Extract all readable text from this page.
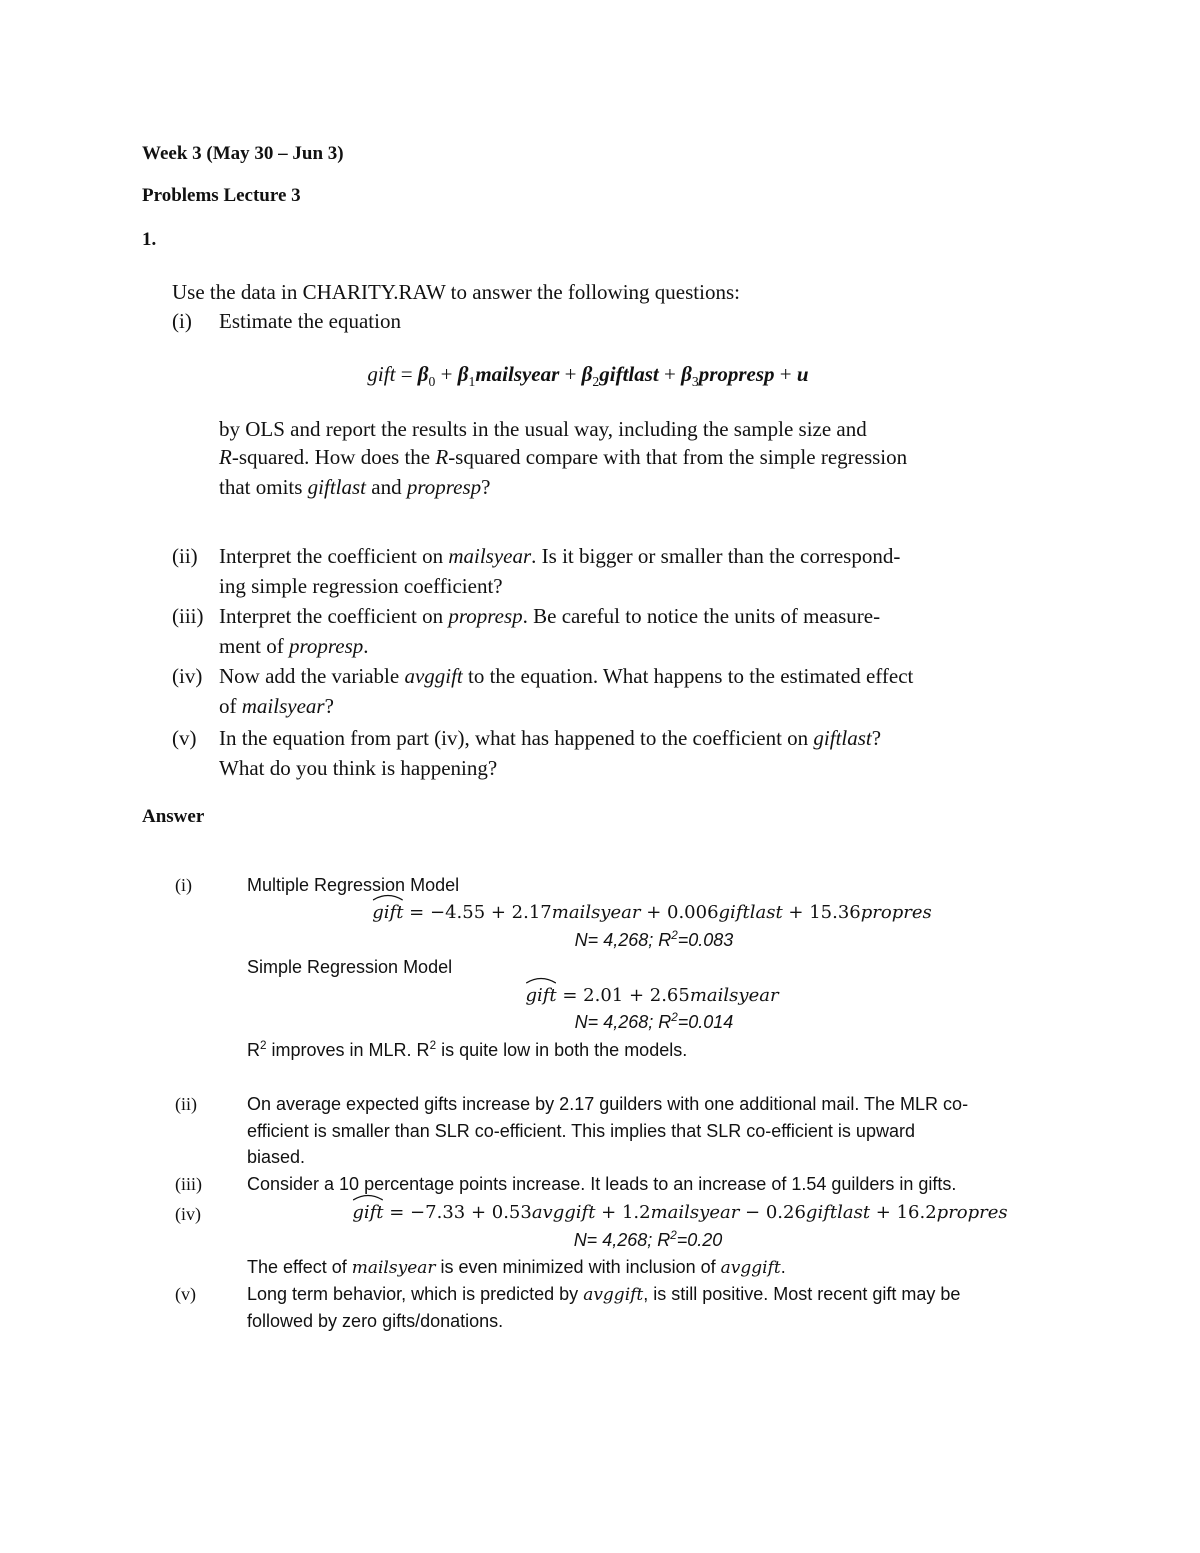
Week 3 (May 30 – Jun 3)
Problems Lecture 3
1.
Use the data in CHARITY.RAW to answer the following questions:
(i) Estimate the equation
gift = $\beta_0$ + $\beta_1mailsyear$ + $\beta_2giftlast$ + $\beta_3propresp + u$
by OLS and report the results in the usual way, including the sample size and
R-squared. How does the R-squared compare with that from the simple regression
that omits giftlast and propresp?
(ii) Interpret the coefficient on mailsyear. Is it bigger or smaller than the correspond-
ing simple regression coefficient?
(iii) Interpret the coefficient on propresp. Be careful to notice the units of measure-
ment of propresp.
(iv) Now add the variable avggift to the equation. What happens to the estimated effect
of mailsyear?
(v) In the equation from part (iv), what has happened to the coefficient on giftlast?
What do you think is happening?
Answer
(i)	Multiple Regression Model
gift = −4.55 + 2.17mailsyear + 0.006giftlast + 15.36propres
N= 4,268; $R^2=0.083$
Simple Regression Model
gift = 2.01 + 2.65mailsyear
N= 4,268; $R^2=0.014$
$R^2$ improves in MLR. $R^2$ is quite low in both the models.
(ii)	On average expected gifts increase by 2.17 guilders with one additional mail. The MLR co-
efficient is smaller than SLR co-efficient. This implies that SLR co-efficient is upward
biased.
(iii)	Consider a 10 percentage points increase. It leads to an increase of 1.54 guilders in gifts.
(iv)	gift = −7.33 + 0.53avggift + 1.2mailsyear − 0.26giftlast + 16.2propres
N= 4,268; $R^2=0.20$
The effect of mailsyear is even minimized with inclusion of avggift.
(v)	Long term behavior, which is predicted by avggift, is still positive. Most recent gift may be
followed by zero gifts/donations.
